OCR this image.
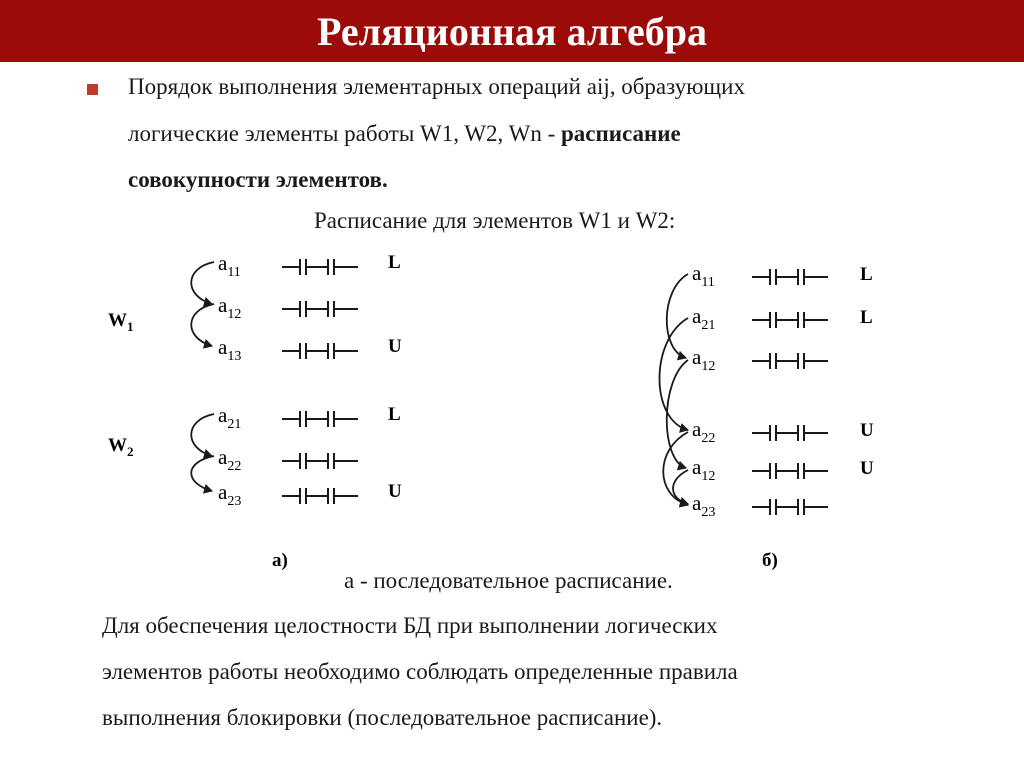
Реляционная алгебра
Порядок выполнения элементарных операций aij, образующих
логические элементы работы W1, W2, Wn - расписание
совокупности элементов.
Расписание для элементов W1 и W2:
$W_1$
$a_{11}$	L
$a_{12}$
$a_{13}$	U
$W_2$
$a_{21}$	L
$a_{22}$
$a_{23}$	U
$a_{11}$	L
$a_{21}$	L
$a_{12}$
$a_{22}$	U
$a_{12}$	U
$a_{23}$
а)	б)
а - последовательное расписание.
Для обеспечения целостности БД при выполнении логических
элементов работы необходимо соблюдать определенные правила
выполнения блокировки (последовательное расписание).
